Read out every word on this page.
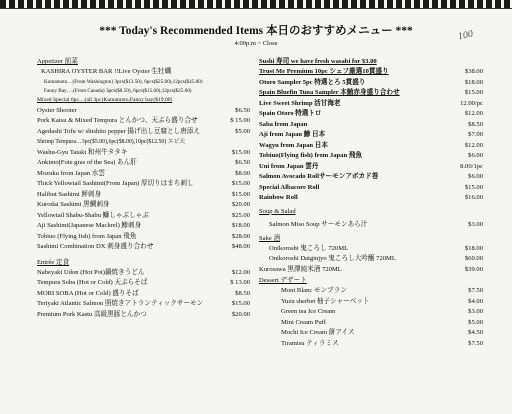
*** Today's Recommended Items 本日のおすすめメニュー ***
4:00p.m ~ Close
100
Appetizer 前菜
KASHIRA OYSTER BAR !!Live Oyster 生牡蠣
Kumamoto…(From Washington) 3pcs($13.50), 6pcs($25.00),12pcs($45.00)
Fanny Bay….(From Canada) 3pcs($8.50), 6pcs($15.00),12pcs($25.00)
Mixed Special 6pc…(all 3pc)Kumamoto,Fanny bay($19.00)
Oyster Shooter	$6.50
Pork Katsu & Mixed Tempura とんかつ、天ぷら盛り合せ	$ 15.00
Agedashi Tofu w/ shishito pepper 揚げ出し豆腐とし唐添え	$5.00
Shrimp Tempura…3pc($5.00),6pc($8.00),10pc($12.50) エビ天
Washu-Gyu Tataki 和州牛タタキ	$15.00
Ankimo(Foie gras of the Sea) あん肝	$6.50
Mozuku from Japan 水雲	$8.00
Thick Yellowtail Sashimi(From Japan) 厚切りはまち刺し	$15.00
Halibut Sashimi 鮃刺身	$15.00
Kurodai Sashimi 黒鯛刺身	$20.00
Yellowtail Shabu-Shabu 鰤しゃぶしゃぶ	$25.00
Aji Sashimi(Japanese Mackrel) 鯵刺身	$18.00
Tobiuo (Flying fish) from Japan 飛魚	$28.00
Sashimi Combination DX 刺身盛り合わせ	$48.00
Entrée 定食
Nabeyaki Udon (Hot Pot)鍋焼きうどん	$12.00
Tempura Soba (Hot or Cold) 天ぷらそば	$ 13.00
MORI SOBA (Hot or Cold) 盛りそば	$8.50
Teriyaki Atlantic Salmon 照焼きアトランティックサーモン	$15.00
Premium Pork Kastu 高級黒豚とんかつ	$20.00
Sushi 寿司 we have fresh wasabi for $3.00
Trust Me Premium 10pc シェフ厳選10貫盛り	$38.00
Otoro Sampler 5pc 特選とろ 5貫盛り	$18.00
Spain Bluefin Tuna Sampler 本鮪赤身盛り合わせ	$15.00
Live Sweet Shrimp 活甘海老	12.00/pc
Spain Otoro 特選トロ	$12.00
Saba from Japan	$8.50
Aji from Japan 鯵 日本	$7.00
Wagyu from Japan 日本	$12.00
Tobiuo(Flying fish) from Japan 飛魚	$6.00
Uni from Japan 雲丹	8.00/1pc
Salmon Avocado Rollサーモンアボカド巻	$6.00
Special Albacore Roll	$15.00
Rainbow Roll	$16.00
Soup & Salad
Salmon Miso Soup サーモンあら汁	$3.00
Sake 酒
Onikoroshi 鬼ころし 720ML	$18.00
Onikoroshi Daiginjyo 鬼ころし大吟醸 720ML	$60.00
Kurosawa 黒澤純米酒 720ML	$39.00
Dessert デザート
Mont Blanc モンブラン	$7.50
Yuzu sherbet 柚子シャーベット	$4.00
Green tea Ice Cream	$3.00
Mini Cream Puff	$5.00
Mochi Ice Cream 餅アイス	$4.50
Tiramisu ティラミス	$7.50
